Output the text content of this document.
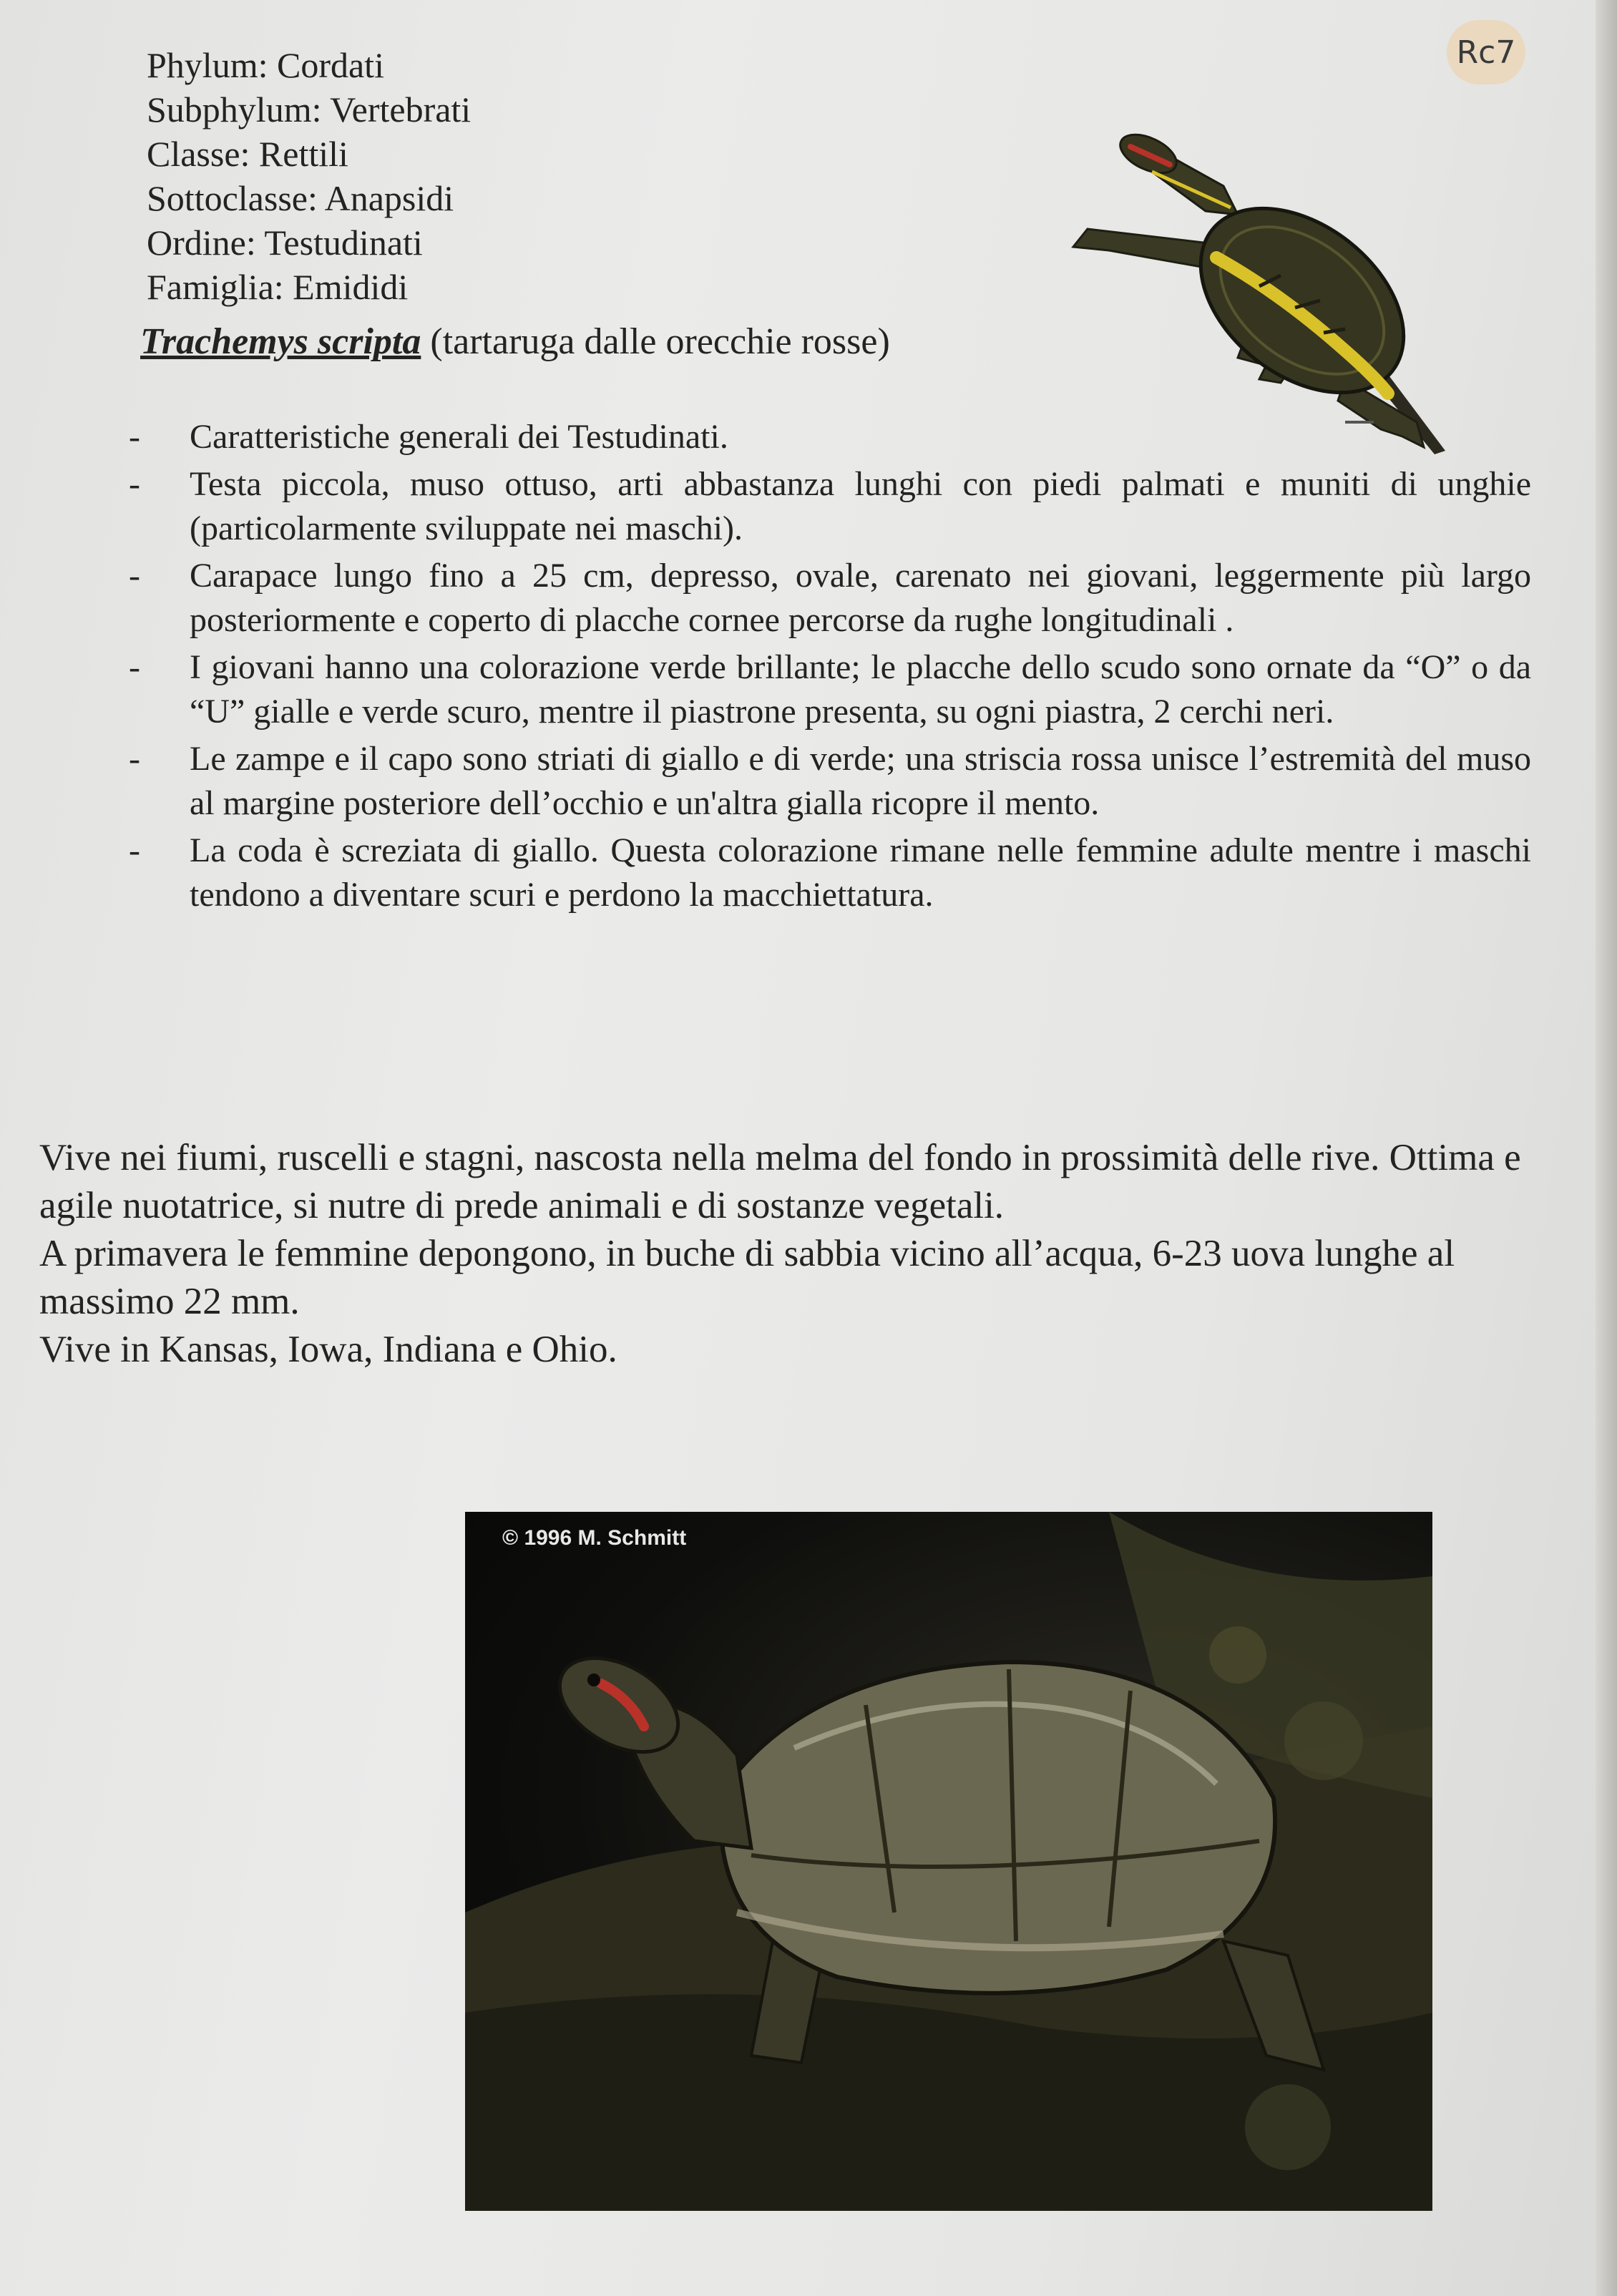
Rc7
Phylum: Cordati
Subphylum: Vertebrati
Classe: Rettili
Sottoclasse: Anapsidi
Ordine: Testudinati
Famiglia: Emididi
Trachemys scripta (tartaruga dalle orecchie rosse)
- Caratteristiche generali dei Testudinati.
- Testa piccola, muso ottuso, arti abbastanza lunghi con piedi palmati e muniti di unghie (particolarmente sviluppate nei maschi).
- Carapace lungo fino a 25 cm, depresso, ovale, carenato nei giovani, leggermente più largo posteriormente e coperto di placche cornee percorse da rughe longitudinali .
- I giovani hanno una colorazione verde brillante; le placche dello scudo sono ornate da “O” o da “U” gialle e verde scuro, mentre il piastrone presenta, su ogni piastra, 2 cerchi neri.
- Le zampe e il capo sono striati di giallo e di verde; una striscia rossa unisce l’estremità del muso al margine posteriore dell’occhio e un'altra gialla ricopre il mento.
- La coda è screziata di giallo. Questa colorazione rimane nelle femmine adulte mentre i maschi tendono a diventare scuri e perdono la macchiettatura.

Vive nei fiumi, ruscelli e stagni, nascosta nella melma del fondo in prossimità delle rive. Ottima e agile nuotatrice, si nutre di prede animali e di sostanze vegetali.

A primavera le femmine depongono, in buche di sabbia vicino all’acqua, 6-23 uova lunghe al massimo 22 mm.

Vive in Kansas, Iowa, Indiana e Ohio.

© 1996 M. Schmitt
